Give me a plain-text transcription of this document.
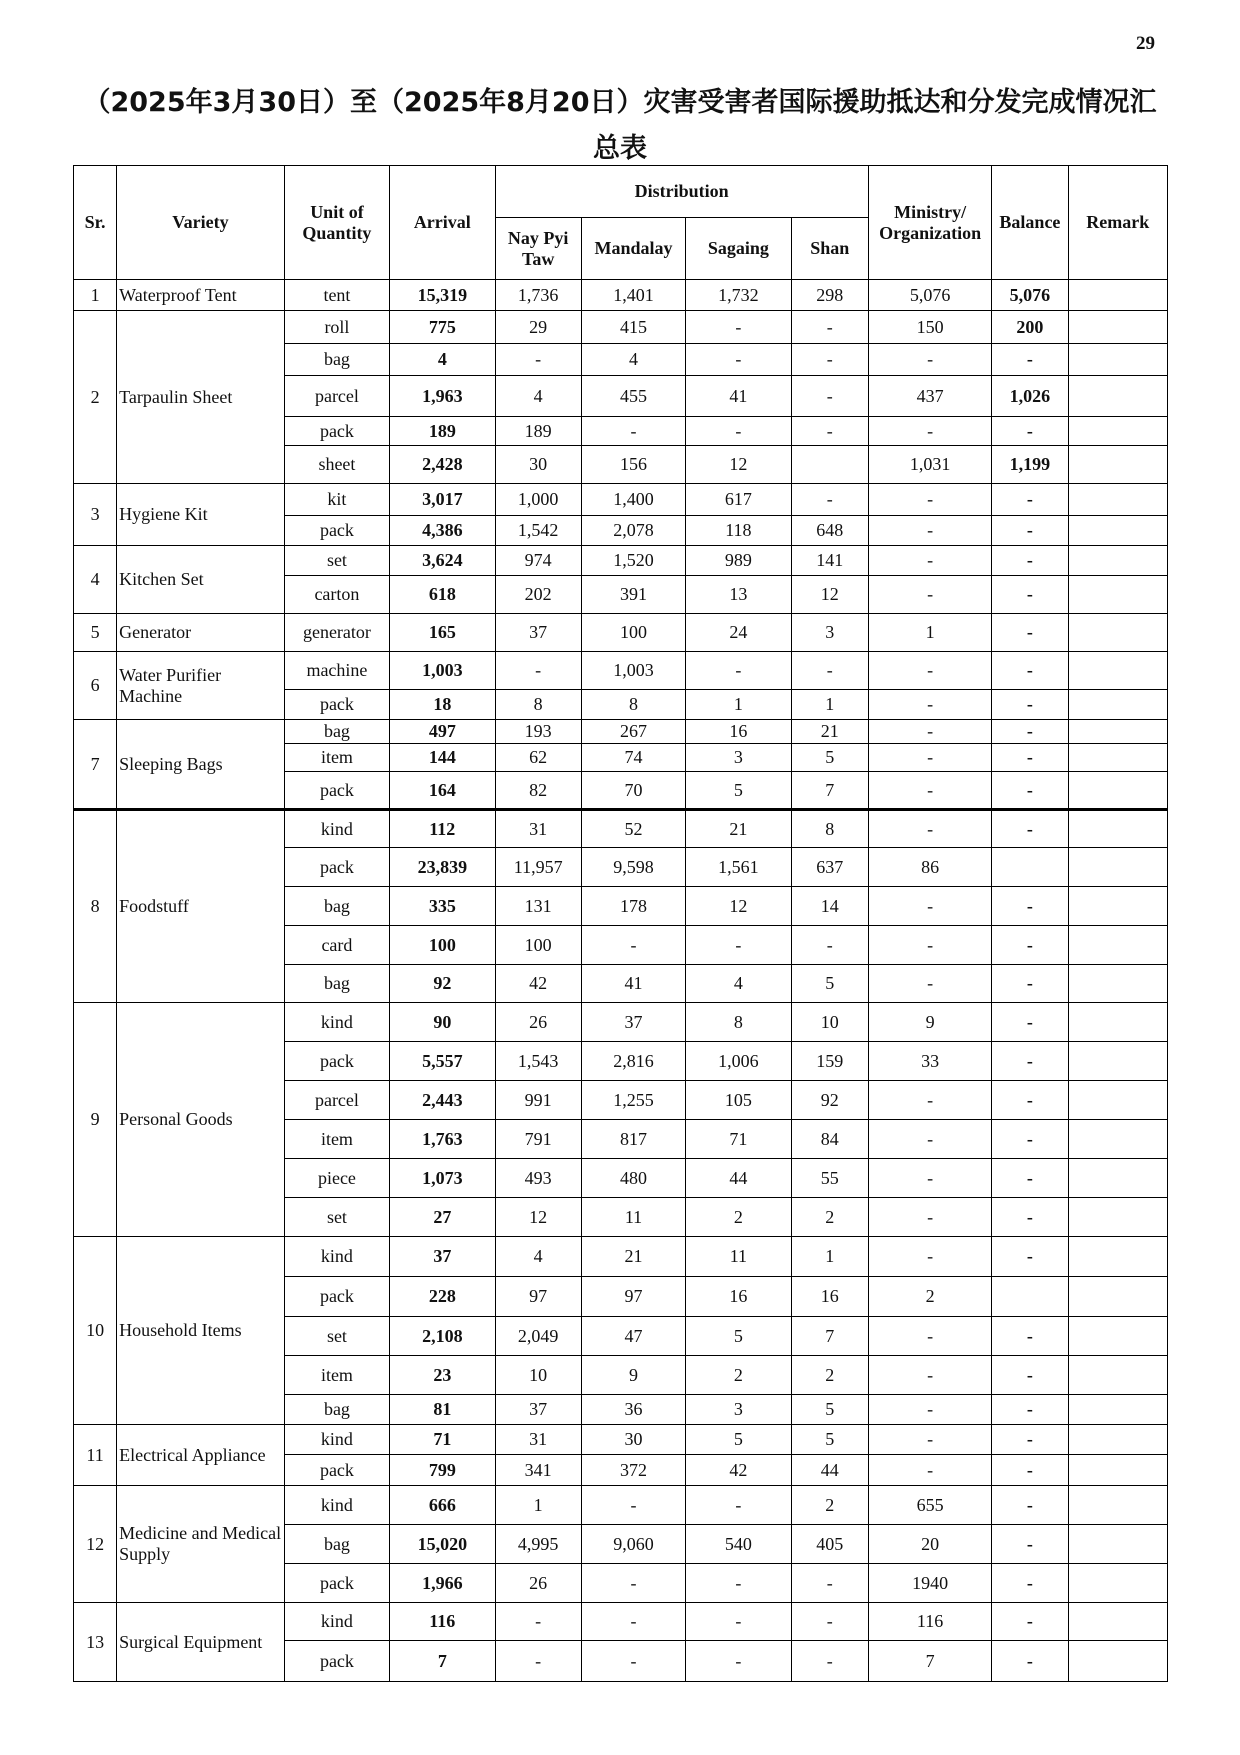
29
（2025年3月30日）至（2025年8月20日）灾害受害者国际援助抵达和分发完成情况汇
总表
Sr.	Variety	Unit of Quantity	Arrival	Distribution				Ministry/ Organization	Balance	Remark
				Nay Pyi Taw	Mandalay	Sagaing	Shan			
1	Waterproof Tent	tent	15,319	1,736	1,401	1,732	298	5,076	5,076	
2	Tarpaulin Sheet	roll	775	29	415	-	-	150	200	
		bag	4	-	4	-	-	-	-	
		parcel	1,963	4	455	41	-	437	1,026	
		pack	189	189	-	-	-	-	-	
		sheet	2,428	30	156	12		1,031	1,199	
3	Hygiene Kit	kit	3,017	1,000	1,400	617	-	-	-	
		pack	4,386	1,542	2,078	118	648	-	-	
4	Kitchen Set	set	3,624	974	1,520	989	141	-	-	
		carton	618	202	391	13	12	-	-	
5	Generator	generator	165	37	100	24	3	1	-	
6	Water Purifier Machine	machine	1,003	-	1,003	-	-	-	-	
		pack	18	8	8	1	1	-	-	
7	Sleeping Bags	bag	497	193	267	16	21	-	-	
		item	144	62	74	3	5	-	-	
		pack	164	82	70	5	7	-	-	
8	Foodstuff	kind	112	31	52	21	8	-	-	
		pack	23,839	11,957	9,598	1,561	637	86		
		bag	335	131	178	12	14	-	-	
		card	100	100	-	-	-	-	-	
		bag	92	42	41	4	5	-	-	
9	Personal Goods	kind	90	26	37	8	10	9	-	
		pack	5,557	1,543	2,816	1,006	159	33	-	
		parcel	2,443	991	1,255	105	92	-	-	
		item	1,763	791	817	71	84	-	-	
		piece	1,073	493	480	44	55	-	-	
		set	27	12	11	2	2	-	-	
10	Household Items	kind	37	4	21	11	1	-	-	
		pack	228	97	97	16	16	2		
		set	2,108	2,049	47	5	7	-	-	
		item	23	10	9	2	2	-	-	
		bag	81	37	36	3	5	-	-	
11	Electrical Appliance	kind	71	31	30	5	5	-	-	
		pack	799	341	372	42	44	-	-	
12	Medicine and Medical Supply	kind	666	1	-	-	2	655	-	
		bag	15,020	4,995	9,060	540	405	20	-	
		pack	1,966	26	-	-	-	1940	-	
13	Surgical Equipment	kind	116	-	-	-	-	116	-	
		pack	7	-	-	-	-	7	-	
